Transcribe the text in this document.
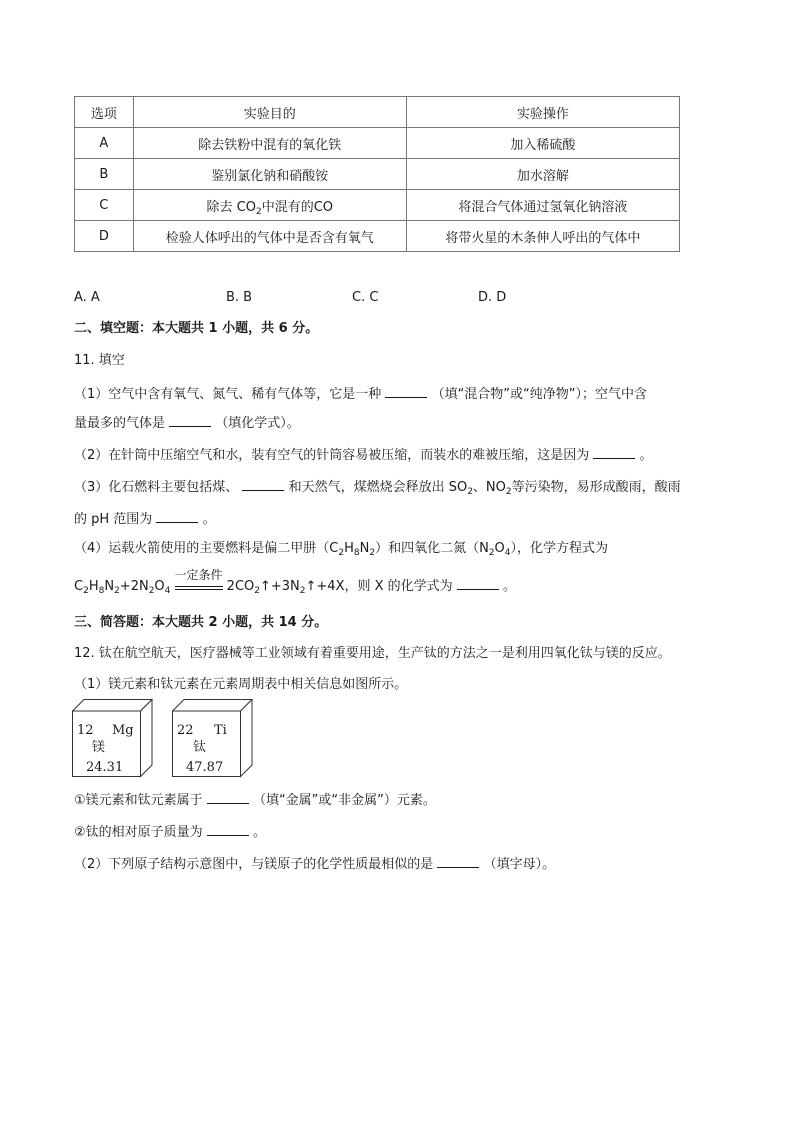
选项	实验目的	实验操作
A	除去铁粉中混有的氧化铁	加入稀硫酸
B	鉴别氯化钠和硝酸铵	加水溶解
C	除去 $CO_2$中混有的CO	将混合气体通过氢氧化钠溶液
D	检验人体呼出的气体中是否含有氧气	将带火星的木条伸人呼出的气体中
A. A	B. B	C. C	D. D
二、填空题：本大题共 1 小题，共 6 分。
11. 填空
（1）空气中含有氧气、氮气、稀有气体等，它是一种	（填“混合物”或“纯净物”）；空气中含
量最多的气体是	（填化学式）。
（2）在针筒中压缩空气和水，装有空气的针筒容易被压缩，而装水的难被压缩，这是因为	。
（3）化石燃料主要包括煤、	和天然气，煤燃烧会释放出 $SO_2$、$NO_2$等污染物，易形成酸雨，酸雨
的 pH 范围为	。
（4）运载火箭使用的主要燃料是偏二甲肼$(C_2H_8N_2)$和四氧化二氮$(N_2O_4)$，化学方程式为
$C_2H_8N_2+2N_2O_4$
一定条件
$2CO_2↑+3N_2↑+4X$，则 X 的化学式为	。
三、简答题：本大题共 2 小题，共 14 分。
12. 钛在航空航天，医疗器械等工业领域有着重要用途，生产钛的方法之一是利用四氧化钛与镁的反应。
（1）镁元素和钛元素在元素周期表中相关信息如图所示。
12 Mg
镁
24.31
22 Ti
钛
47.87
①镁元素和钛元素属于	（填“金属”或“非金属”）元素。
②钛的相对原子质量为	。
（2）下列原子结构示意图中，与镁原子的化学性质最相似的是	（填字母）。
